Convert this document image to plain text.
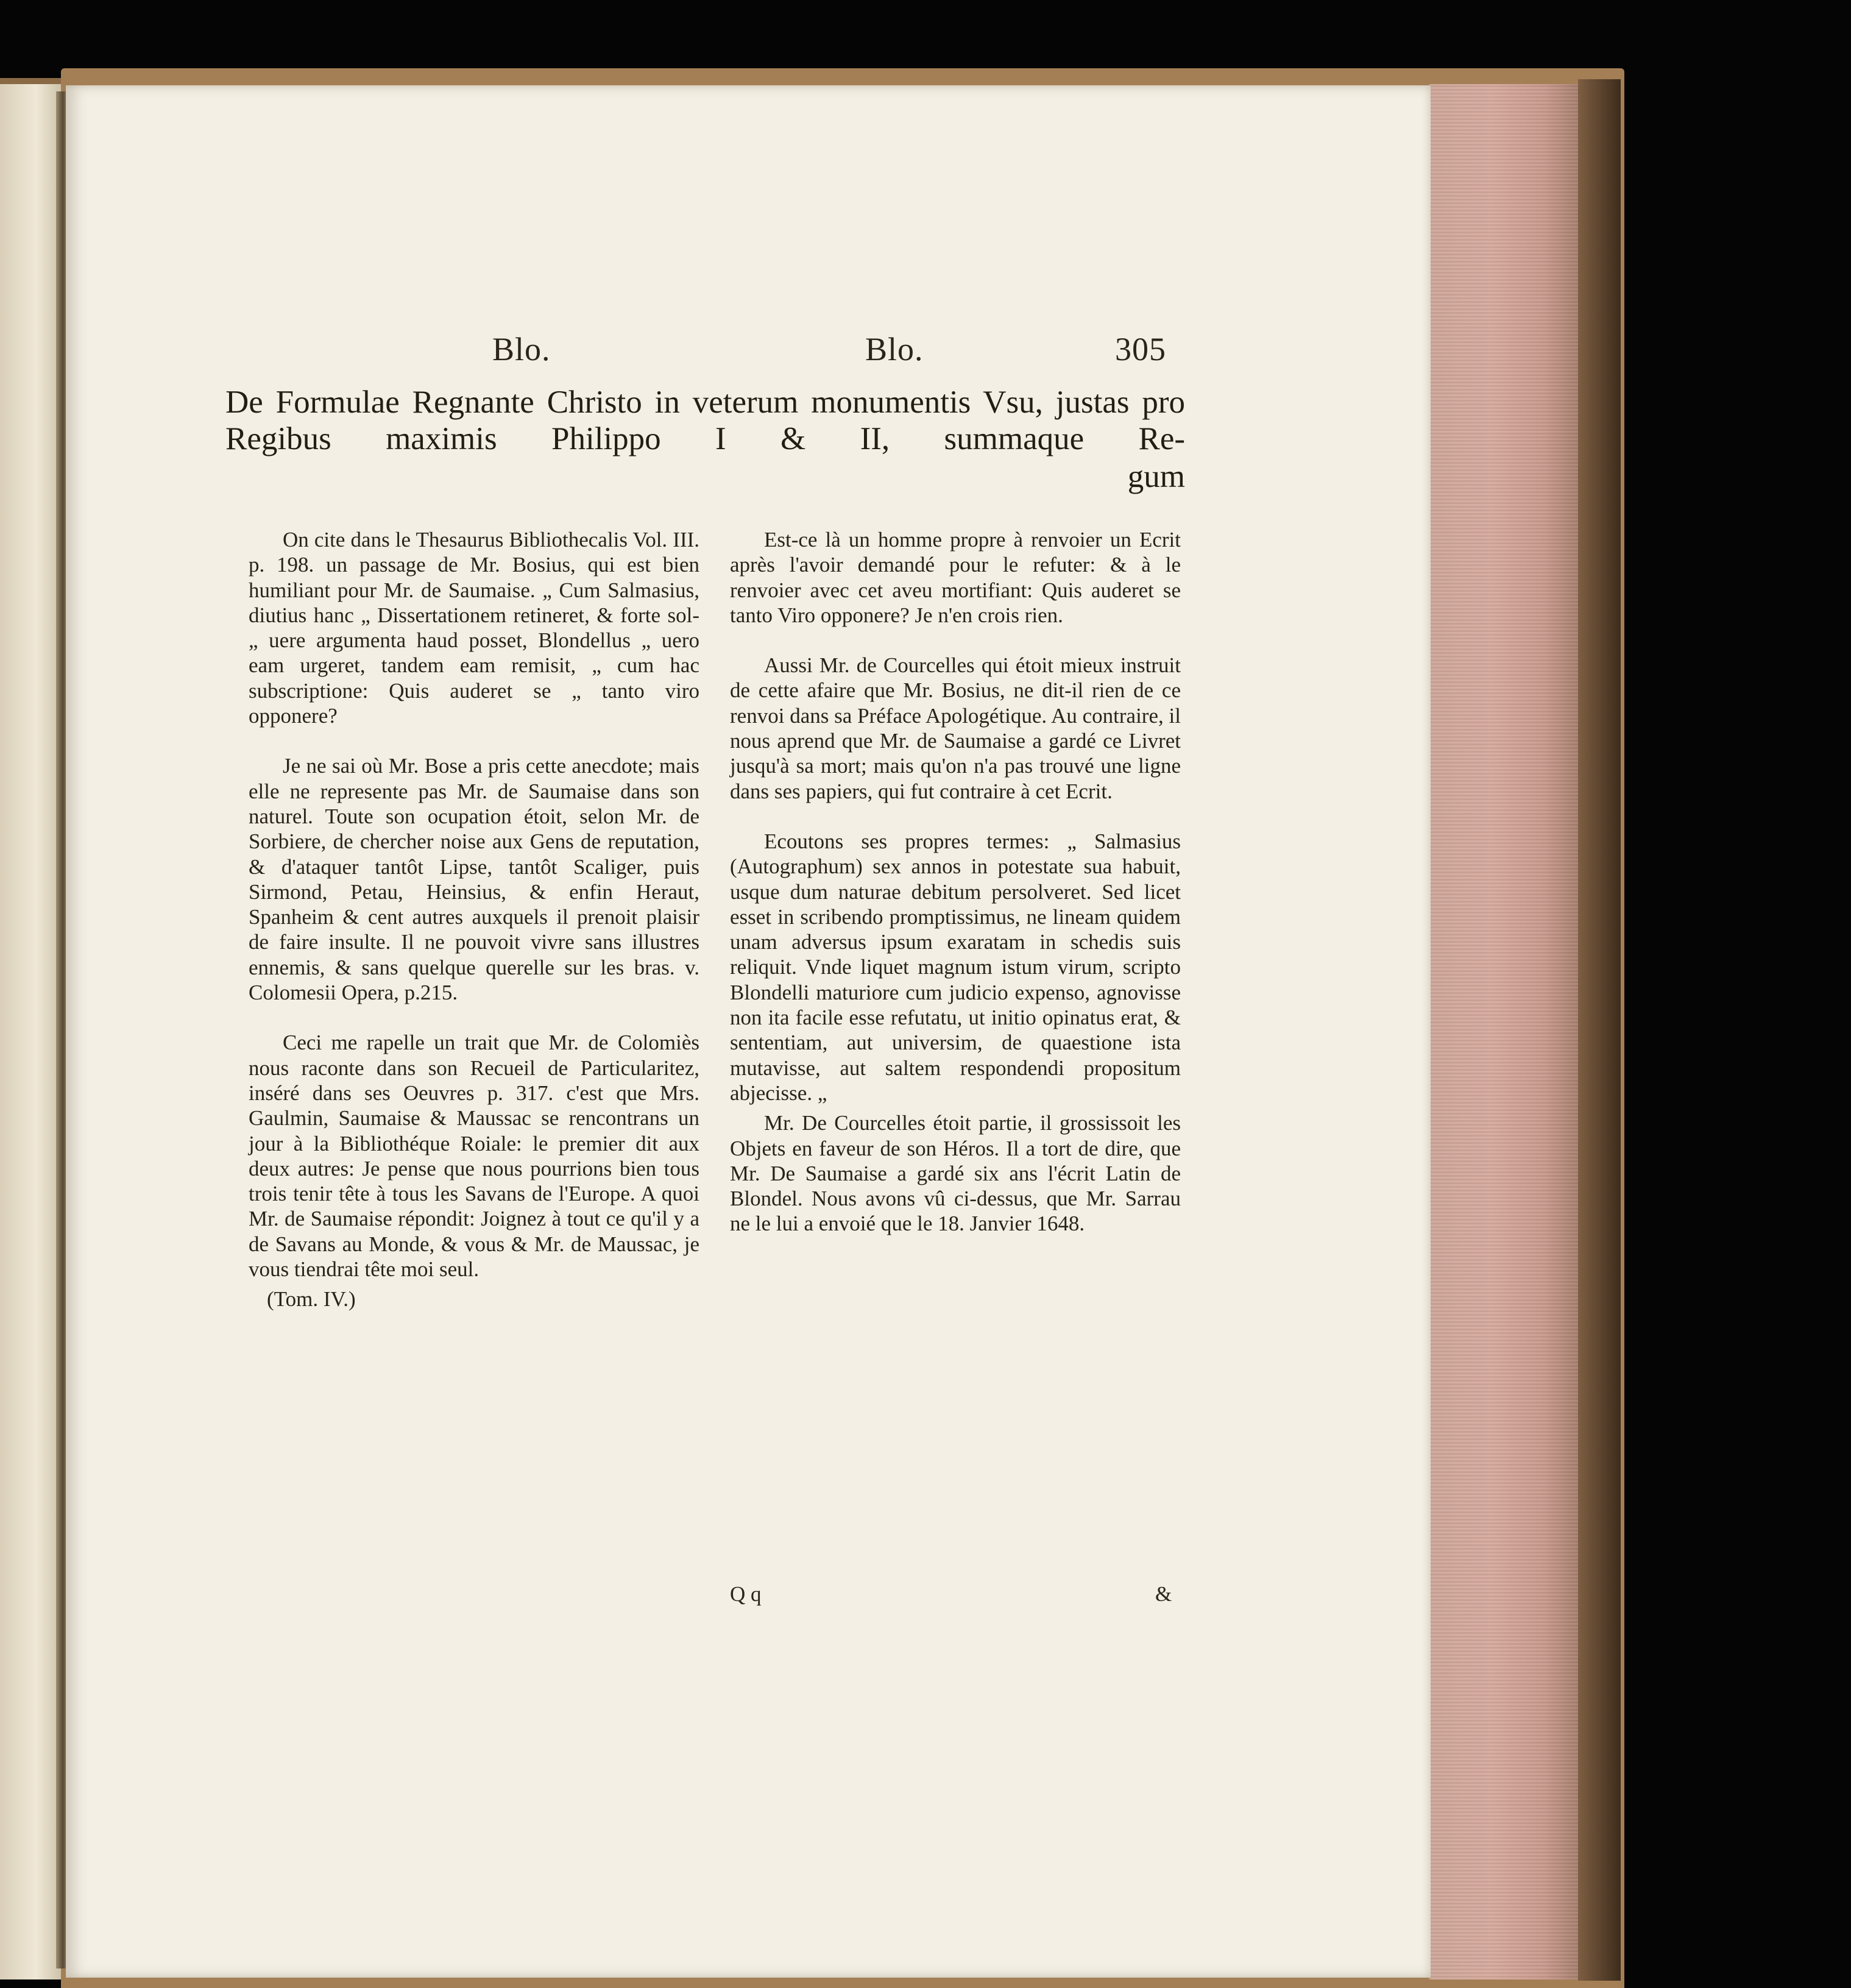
Blo.	Blo.	305
De Formulae Regnante Christo in veterum monumentis Vsu, justas pro Regibus maximis Philippo I & II, summaque Re-
gum

On cite dans le Thesaurus Bibliothecalis Vol. III. p. 198. un passage de Mr. Bosius, qui est bien humiliant pour Mr. de Saumaise. „ Cum Salmasius, diutius hanc „ Dissertationem retineret, & forte sol- „ uere argumenta haud posset, Blondellus „ uero eam urgeret, tandem eam remisit, „ cum hac subscriptione: Quis auderet se „ tanto viro opponere?

Je ne sai où Mr. Bose a pris cette anecdote; mais elle ne represente pas Mr. de Saumaise dans son naturel. Toute son ocupation étoit, selon Mr. de Sorbiere, de chercher noise aux Gens de reputation, & d'ataquer tantôt Lipse, tantôt Scaliger, puis Sirmond, Petau, Heinsius, & enfin Heraut, Spanheim & cent autres auxquels il prenoit plaisir de faire insulte. Il ne pouvoit vivre sans illustres ennemis, & sans quelque querelle sur les bras. v. Colomesii Opera, p.215.

Ceci me rapelle un trait que Mr. de Colomiès nous raconte dans son Recueil de Particularitez, inséré dans ses Oeuvres p. 317. c'est que Mrs. Gaulmin, Saumaise & Maussac se rencontrans un jour à la Bibliothéque Roiale: le premier dit aux deux autres: Je pense que nous pourrions bien tous trois tenir tête à tous les Savans de l'Europe. A quoi Mr. de Saumaise répondit: Joignez à tout ce qu'il y a de Savans au Monde, & vous & Mr. de Maussac, je vous tiendrai tête moi seul.

(Tom. IV.)

Est-ce là un homme propre à renvoier un Ecrit après l'avoir demandé pour le refuter: & à le renvoier avec cet aveu mortifiant: Quis auderet se tanto Viro opponere? Je n'en crois rien.

Aussi Mr. de Courcelles qui étoit mieux instruit de cette afaire que Mr. Bosius, ne dit-il rien de ce renvoi dans sa Préface Apologétique. Au contraire, il nous aprend que Mr. de Saumaise a gardé ce Livret jusqu'à sa mort; mais qu'on n'a pas trouvé une ligne dans ses papiers, qui fut contraire à cet Ecrit.

Ecoutons ses propres termes: „ Salmasius (Autographum) sex annos in potestate sua habuit, usque dum naturae debitum persolveret. Sed licet esset in scribendo promptissimus, ne lineam quidem unam adversus ipsum exaratam in schedis suis reliquit. Vnde liquet magnum istum virum, scripto Blondelli maturiore cum judicio expenso, agnovisse non ita facile esse refutatu, ut initio opinatus erat, & sententiam, aut universim, de quaestione ista mutavisse, aut saltem respondendi propositum abjecisse. „

Mr. De Courcelles étoit partie, il grossissoit les Objets en faveur de son Héros. Il a tort de dire, que Mr. De Saumaise a gardé six ans l'écrit Latin de Blondel. Nous avons vû ci-dessus, que Mr. Sarrau ne le lui a envoié que le 18. Janvier 1648.

Q q	&
